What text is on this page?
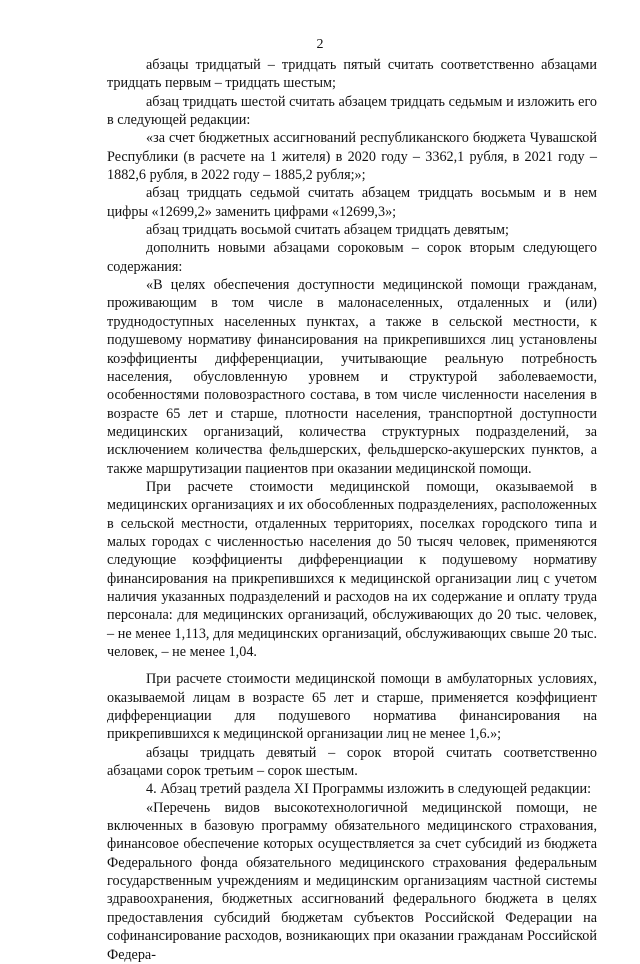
2

абзацы тридцатый – тридцать пятый считать соответственно абзацами тридцать первым – тридцать шестым;

абзац тридцать шестой считать абзацем тридцать седьмым и изложить его в следующей редакции:

«за счет бюджетных ассигнований республиканского бюджета Чувашской Республики (в расчете на 1 жителя) в 2020 году – 3362,1 рубля, в 2021 году – 1882,6 рубля, в 2022 году – 1885,2 рубля;»;

абзац тридцать седьмой считать абзацем тридцать восьмым и в нем цифры «12699,2» заменить цифрами «12699,3»;

абзац тридцать восьмой считать абзацем тридцать девятым;

дополнить новыми абзацами сороковым – сорок вторым следующего содержания:

«В целях обеспечения доступности медицинской помощи гражданам, проживающим в том числе в малонаселенных, отдаленных и (или) труднодоступных населенных пунктах, а также в сельской местности, к подушевому нормативу финансирования на прикрепившихся лиц установлены коэффициенты дифференциации, учитывающие реальную потребность населения, обусловленную уровнем и структурой заболеваемости, особенностями половозрастного состава, в том числе численности населения в возрасте 65 лет и старше, плотности населения, транспортной доступности медицинских организаций, количества структурных подразделений, за исключением количества фельдшерских, фельдшерско-акушерских пунктов, а также маршрутизации пациентов при оказании медицинской помощи.

При расчете стоимости медицинской помощи, оказываемой в медицинских организациях и их обособленных подразделениях, расположенных в сельской местности, отдаленных территориях, поселках городского типа и малых городах с численностью населения до 50 тысяч человек, применяются следующие коэффициенты дифференциации к подушевому нормативу финансирования на прикрепившихся к медицинской организации лиц с учетом наличия указанных подразделений и расходов на их содержание и оплату труда персонала: для медицинских организаций, обслуживающих до 20 тыс. человек, – не менее 1,113, для медицинских организаций, обслуживающих свыше 20 тыс. человек, – не менее 1,04.

При расчете стоимости медицинской помощи в амбулаторных условиях, оказываемой лицам в возрасте 65 лет и старше, применяется коэффициент дифференциации для подушевого норматива финансирования на прикрепившихся к медицинской организации лиц не менее 1,6.»;

абзацы тридцать девятый – сорок второй считать соответственно абзацами сорок третьим – сорок шестым.

4. Абзац третий раздела XI Программы изложить в следующей редакции:

«Перечень видов высокотехнологичной медицинской помощи, не включенных в базовую программу обязательного медицинского страхования, финансовое обеспечение которых осуществляется за счет субсидий из бюджета Федерального фонда обязательного медицинского страхования федеральным государственным учреждениям и медицинским организациям частной системы здравоохранения, бюджетных ассигнований федерального бюджета в целях предоставления субсидий бюджетам субъектов Российской Федерации на софинансирование расходов, возникающих при оказании гражданам Российской Федера-
